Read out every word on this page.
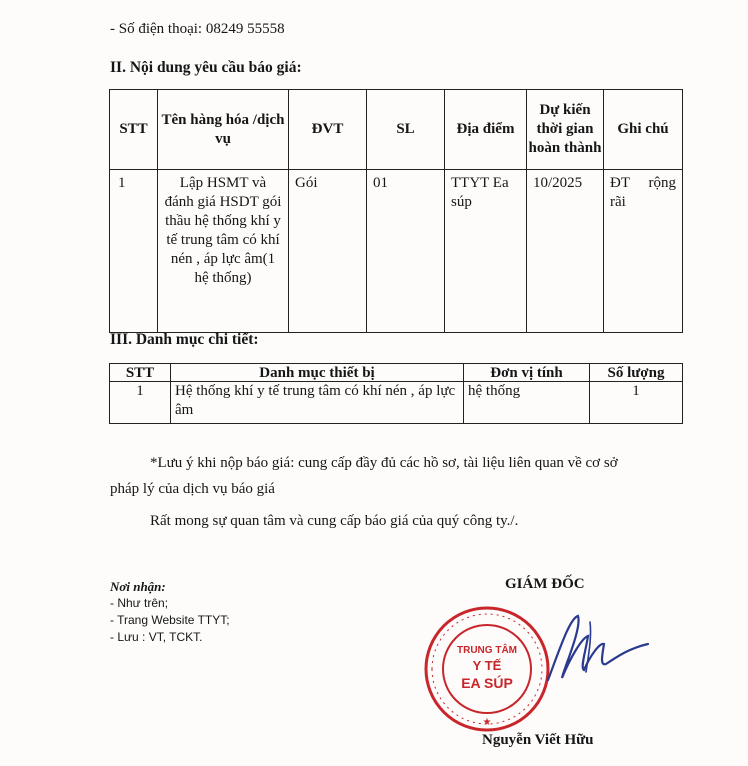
- Số điện thoại: 08249 55558
II. Nội dung yêu cầu báo giá:
STT	Tên hàng hóa /dịch vụ	ĐVT	SL	Địa điểm	Dự kiến thời gian hoàn thành	Ghi chú
1	Lập HSMT và đánh giá HSDT gói thầu hệ thống khí y tế trung tâm có khí nén , áp lực âm(1 hệ thống)	Gói	01	TTYT Ea súp	10/2025	ĐT rộng rãi
III. Danh mục chi tiết:
STT	Danh mục thiết bị	Đơn vị tính	Số lượng
1	Hệ thống khí y tế trung tâm có khí nén , áp lực âm	hệ thống	1
*Lưu ý khi nộp báo giá: cung cấp đầy đủ các hồ sơ, tài liệu liên quan về cơ sở
pháp lý của dịch vụ báo giá
Rất mong sự quan tâm và cung cấp báo giá của quý công ty./.
Nơi nhận:
- Như trên;
- Trang Website TTYT;
- Lưu : VT, TCKT.
GIÁM ĐỐC
TRUNG TÂM
Y TẾ
EA SÚP
★
Nguyễn Viết Hữu
